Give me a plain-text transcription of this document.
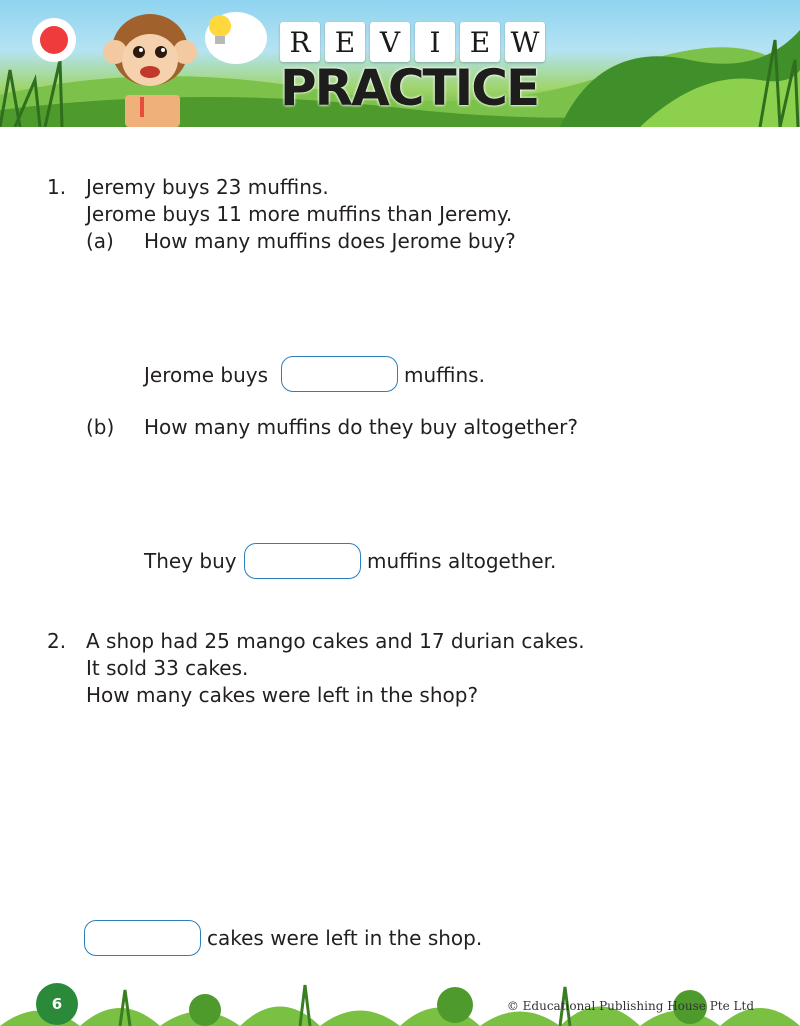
R E V	I	E W
PRACTICE
1. Jeremy buys 23 muffins.
Jerome buys 11 more muffins than Jeremy.
(a) How many muffins does Jerome buy?
Jerome buys	muffins.
(b) How many muffins do they buy altogether?
They buy	muffins altogether.
2. A shop had 25 mango cakes and 17 durian cakes.
It sold 33 cakes.
How many cakes were left in the shop?
cakes were left in the shop.
6	© Educational Publishing House Pte Ltd
